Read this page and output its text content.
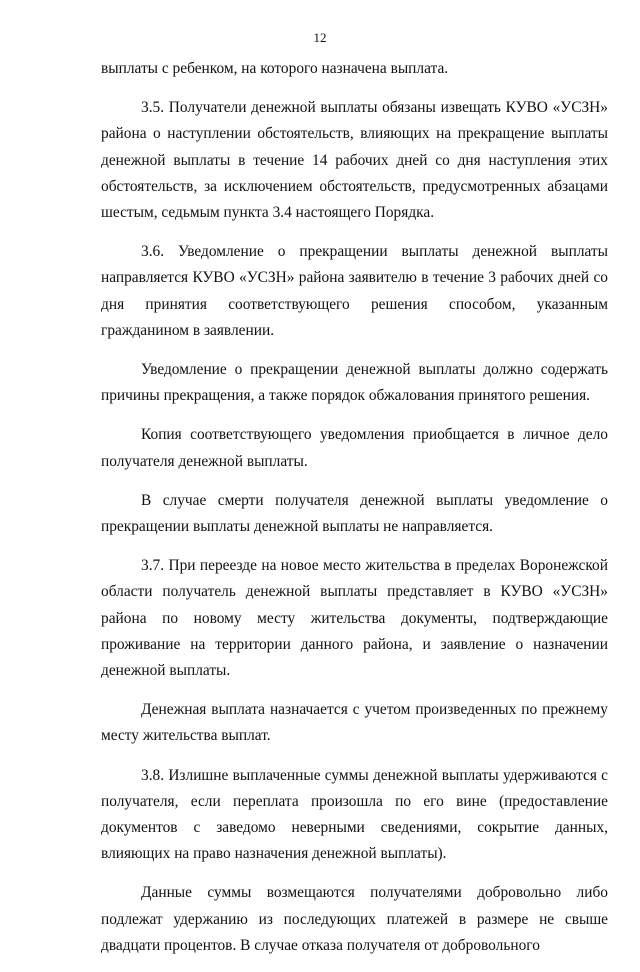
12

выплаты с ребенком, на которого назначена выплата.

3.5. Получатели денежной выплаты обязаны извещать КУВО «УСЗН» района о наступлении обстоятельств, влияющих на прекращение выплаты денежной выплаты в течение 14 рабочих дней со дня наступления этих обстоятельств, за исключением обстоятельств, предусмотренных абзацами шестым, седьмым пункта 3.4 настоящего Порядка.

3.6. Уведомление о прекращении выплаты денежной выплаты направляется КУВО «УСЗН» района заявителю в течение 3 рабочих дней со дня принятия соответствующего решения способом, указанным гражданином в заявлении.

Уведомление о прекращении денежной выплаты должно содержать причины прекращения, а также порядок обжалования принятого решения.

Копия соответствующего уведомления приобщается в личное дело получателя денежной выплаты.

В случае смерти получателя денежной выплаты уведомление о прекращении выплаты денежной выплаты не направляется.

3.7. При переезде на новое место жительства в пределах Воронежской области получатель денежной выплаты представляет в КУВО «УСЗН» района по новому месту жительства документы, подтверждающие проживание на территории данного района, и заявление о назначении денежной выплаты.

Денежная выплата назначается с учетом произведенных по прежнему месту жительства выплат.

3.8. Излишне выплаченные суммы денежной выплаты удерживаются с получателя, если переплата произошла по его вине (предоставление документов с заведомо неверными сведениями, сокрытие данных, влияющих на право назначения денежной выплаты).

Данные суммы возмещаются получателями добровольно либо подлежат удержанию из последующих платежей в размере не свыше двадцати процентов. В случае отказа получателя от добровольного
